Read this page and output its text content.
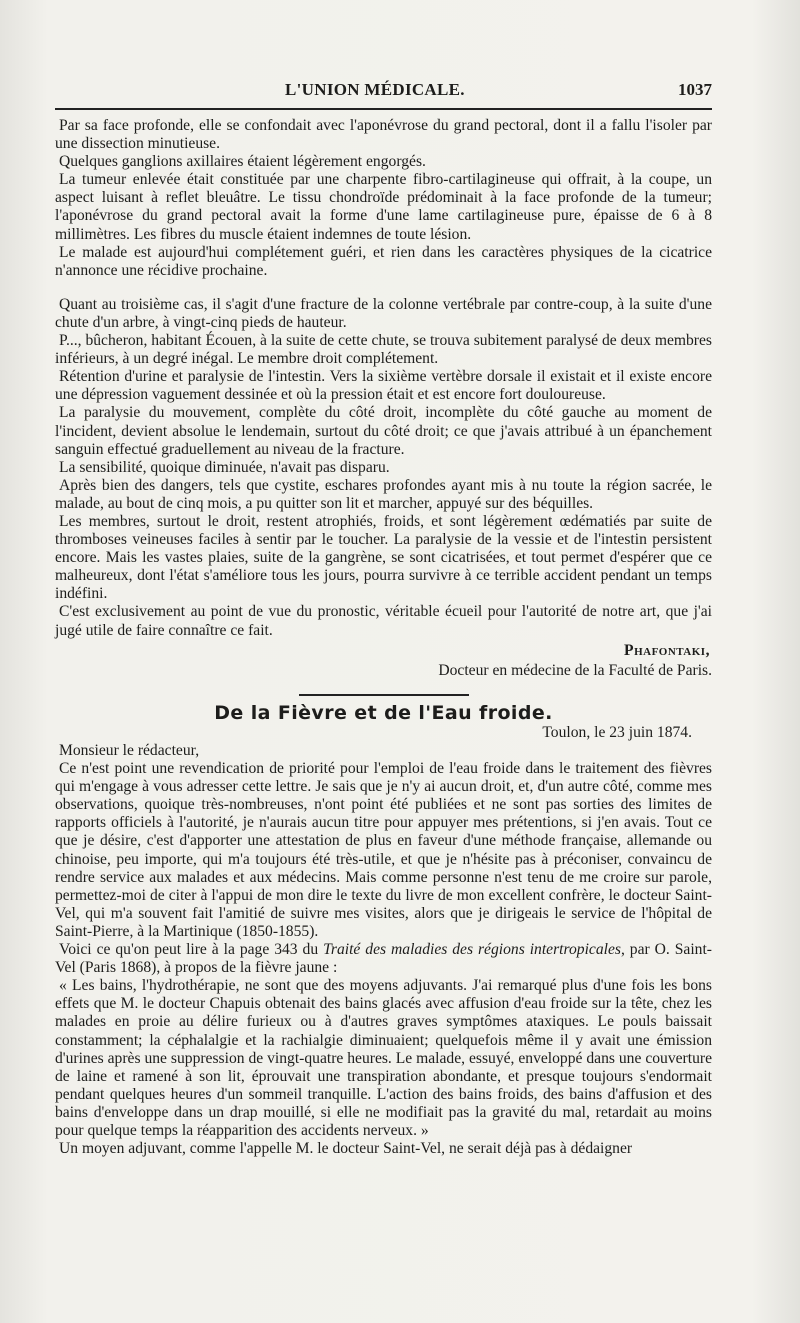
L'UNION MÉDICALE.	1037

Par sa face profonde, elle se confondait avec l'aponévrose du grand pectoral, dont il a fallu l'isoler par une dissection minutieuse.

Quelques ganglions axillaires étaient légèrement engorgés.

La tumeur enlevée était constituée par une charpente fibro-cartilagineuse qui offrait, à la coupe, un aspect luisant à reflet bleuâtre. Le tissu chondroïde prédominait à la face profonde de la tumeur; l'aponévrose du grand pectoral avait la forme d'une lame cartilagineuse pure, épaisse de 6 à 8 millimètres. Les fibres du muscle étaient indemnes de toute lésion.

Le malade est aujourd'hui complétement guéri, et rien dans les caractères physiques de la cicatrice n'annonce une récidive prochaine.

Quant au troisième cas, il s'agit d'une fracture de la colonne vertébrale par contre-coup, à la suite d'une chute d'un arbre, à vingt-cinq pieds de hauteur.

P..., bûcheron, habitant Écouen, à la suite de cette chute, se trouva subitement paralysé de deux membres inférieurs, à un degré inégal. Le membre droit complétement.

Rétention d'urine et paralysie de l'intestin. Vers la sixième vertèbre dorsale il existait et il existe encore une dépression vaguement dessinée et où la pression était et est encore fort douloureuse.

La paralysie du mouvement, complète du côté droit, incomplète du côté gauche au moment de l'incident, devient absolue le lendemain, surtout du côté droit; ce que j'avais attribué à un épanchement sanguin effectué graduellement au niveau de la fracture.

La sensibilité, quoique diminuée, n'avait pas disparu.

Après bien des dangers, tels que cystite, eschares profondes ayant mis à nu toute la région sacrée, le malade, au bout de cinq mois, a pu quitter son lit et marcher, appuyé sur des béquilles.

Les membres, surtout le droit, restent atrophiés, froids, et sont légèrement œdématiés par suite de thromboses veineuses faciles à sentir par le toucher. La paralysie de la vessie et de l'intestin persistent encore. Mais les vastes plaies, suite de la gangrène, se sont cicatrisées, et tout permet d'espérer que ce malheureux, dont l'état s'améliore tous les jours, pourra survivre à ce terrible accident pendant un temps indéfini.

C'est exclusivement au point de vue du pronostic, véritable écueil pour l'autorité de notre art, que j'ai jugé utile de faire connaître ce fait.

Phafontaki,
Docteur en médecine de la Faculté de Paris.
De la Fièvre et de l'Eau froide.
Toulon, le 23 juin 1874.

Monsieur le rédacteur,

Ce n'est point une revendication de priorité pour l'emploi de l'eau froide dans le traitement des fièvres qui m'engage à vous adresser cette lettre. Je sais que je n'y ai aucun droit, et, d'un autre côté, comme mes observations, quoique très-nombreuses, n'ont point été publiées et ne sont pas sorties des limites de rapports officiels à l'autorité, je n'aurais aucun titre pour appuyer mes prétentions, si j'en avais. Tout ce que je désire, c'est d'apporter une attestation de plus en faveur d'une méthode française, allemande ou chinoise, peu importe, qui m'a toujours été très-utile, et que je n'hésite pas à préconiser, convaincu de rendre service aux malades et aux médecins. Mais comme personne n'est tenu de me croire sur parole, permettez-moi de citer à l'appui de mon dire le texte du livre de mon excellent confrère, le docteur Saint-Vel, qui m'a souvent fait l'amitié de suivre mes visites, alors que je dirigeais le service de l'hôpital de Saint-Pierre, à la Martinique (1850-1855).

Voici ce qu'on peut lire à la page 343 du Traité des maladies des régions intertropicales, par O. Saint-Vel (Paris 1868), à propos de la fièvre jaune :

« Les bains, l'hydrothérapie, ne sont que des moyens adjuvants. J'ai remarqué plus d'une fois les bons effets que M. le docteur Chapuis obtenait des bains glacés avec affusion d'eau froide sur la tête, chez les malades en proie au délire furieux ou à d'autres graves symptômes ataxiques. Le pouls baissait constamment; la céphalalgie et la rachialgie diminuaient; quelquefois même il y avait une émission d'urines après une suppression de vingt-quatre heures. Le malade, essuyé, enveloppé dans une couverture de laine et ramené à son lit, éprouvait une transpiration abondante, et presque toujours s'endormait pendant quelques heures d'un sommeil tranquille. L'action des bains froids, des bains d'affusion et des bains d'enveloppe dans un drap mouillé, si elle ne modifiait pas la gravité du mal, retardait au moins pour quelque temps la réapparition des accidents nerveux. »

Un moyen adjuvant, comme l'appelle M. le docteur Saint-Vel, ne serait déjà pas à dédaigner
